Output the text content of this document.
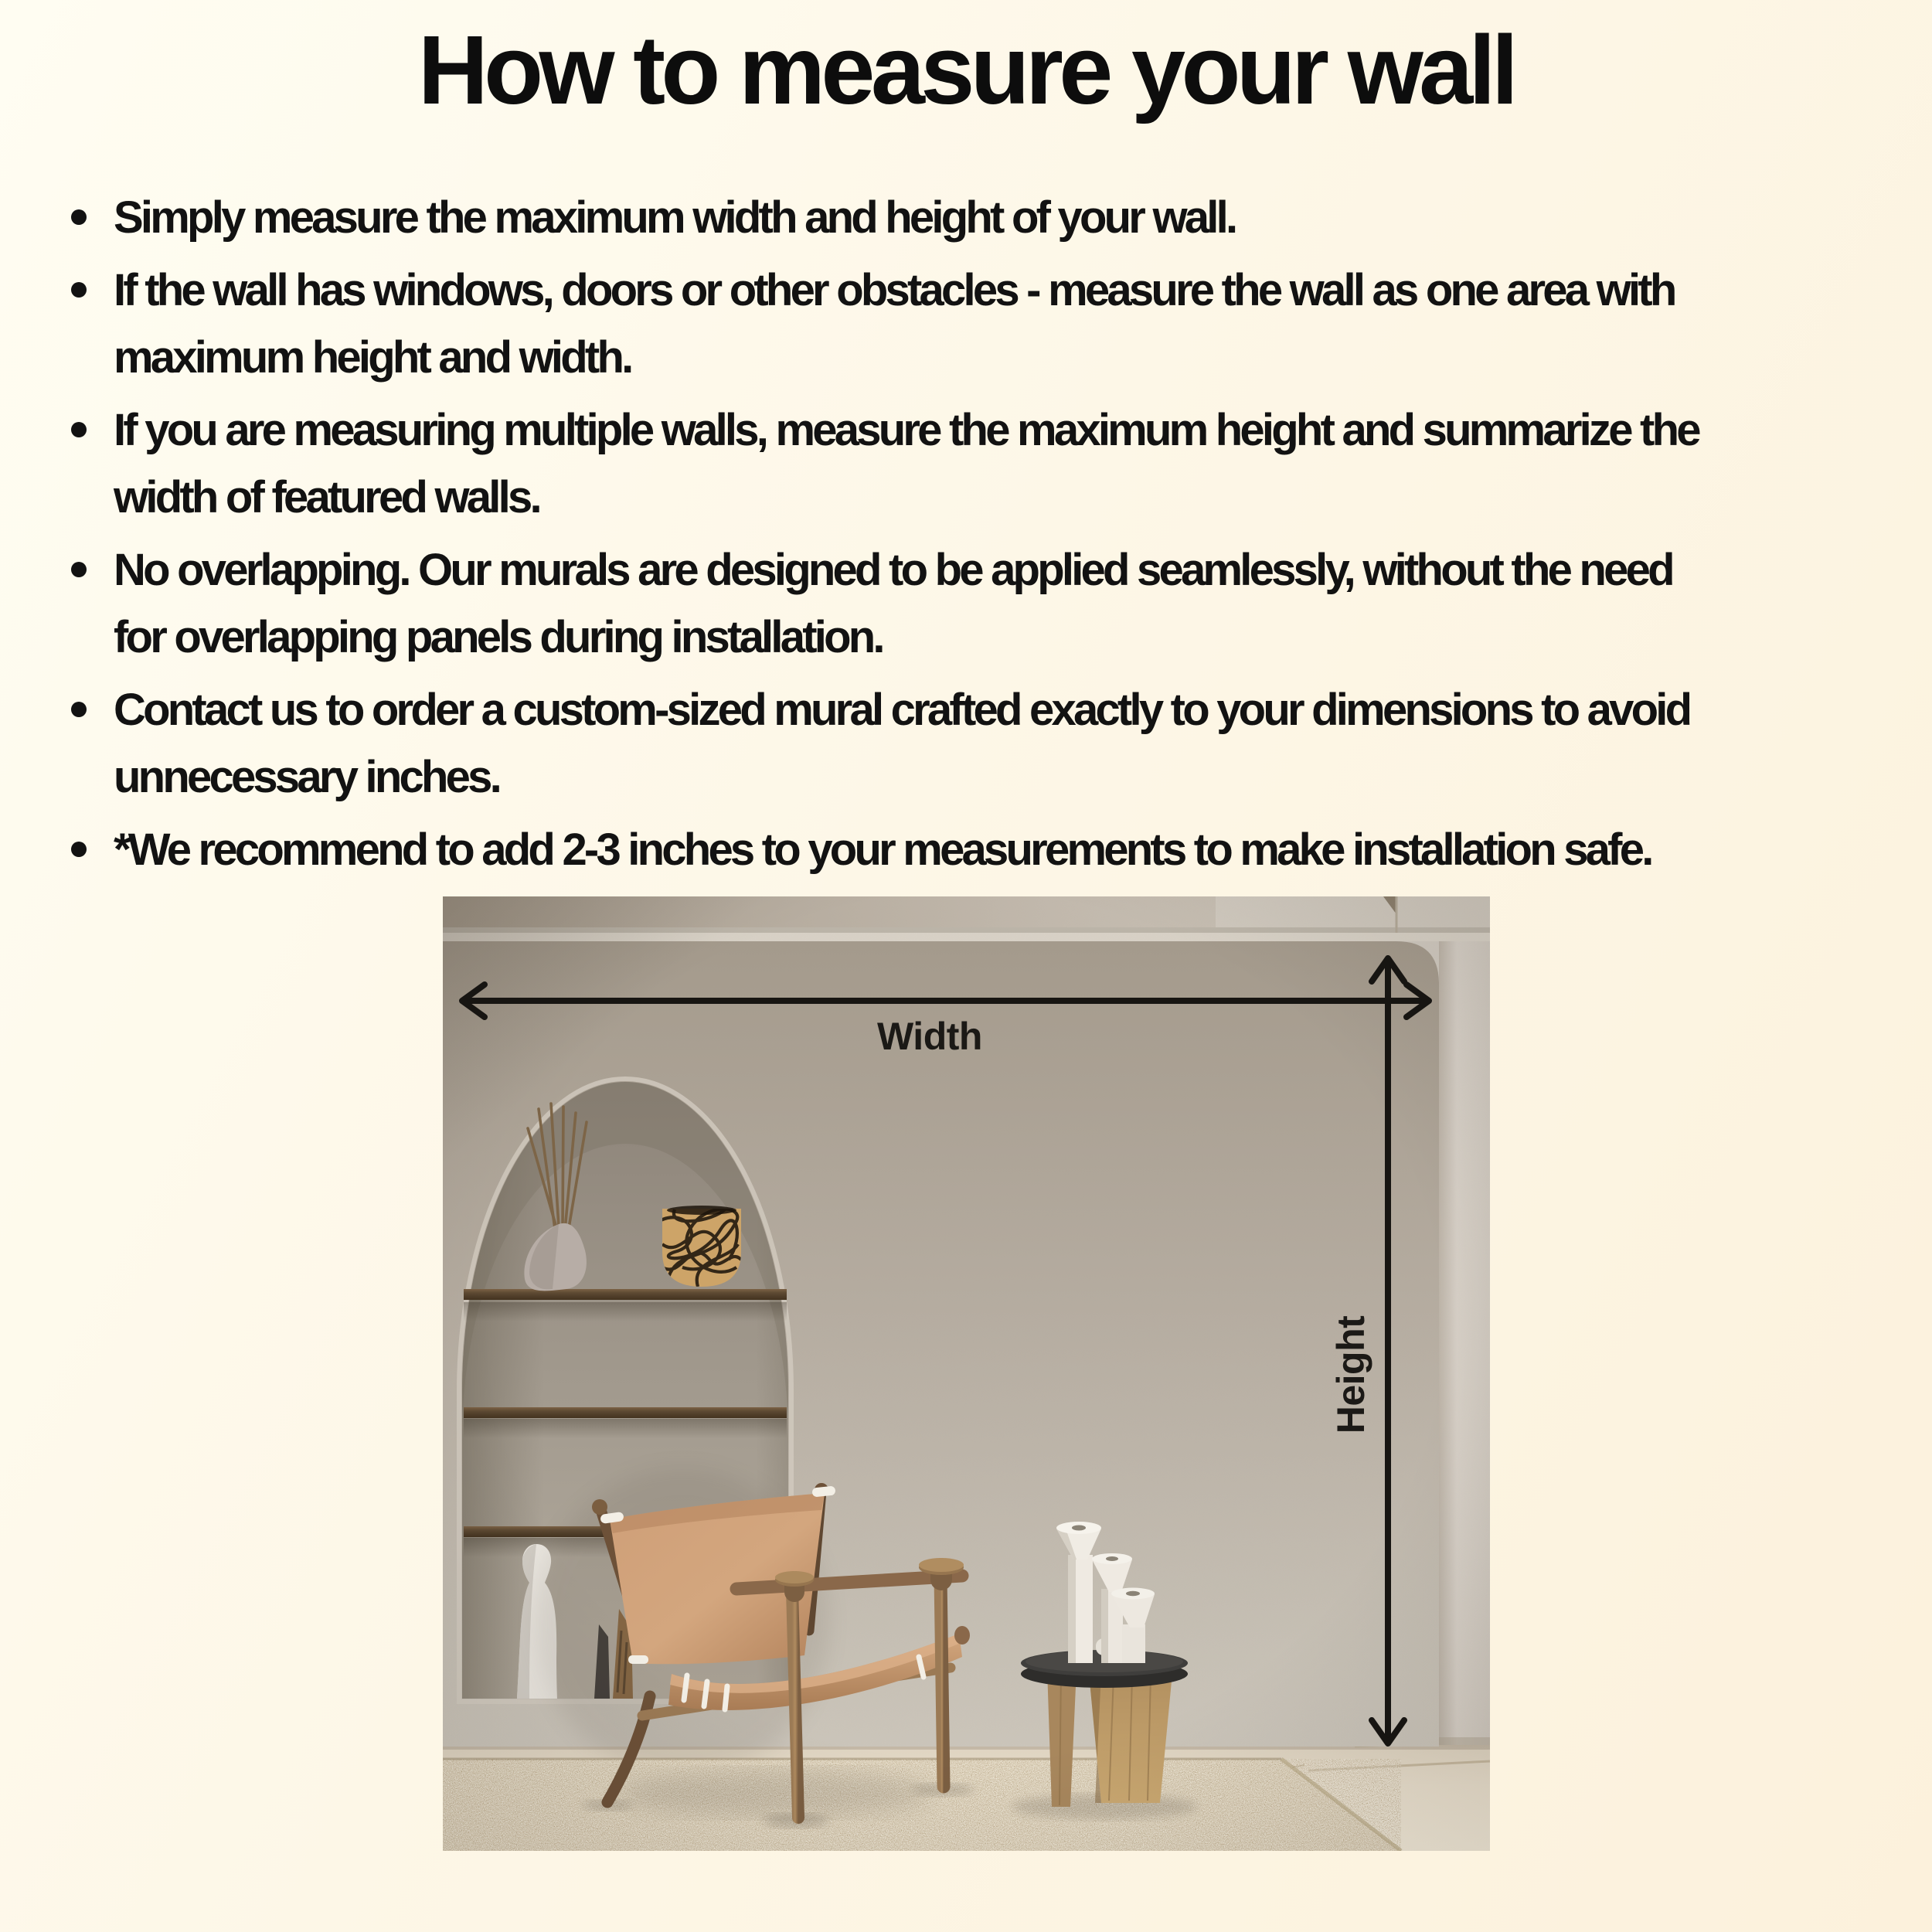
How to measure your wall
Simply measure the maximum width and height of your wall.
If the wall has windows, doors or other obstacles - measure the wall as one area with
maximum height and width.
If you are measuring multiple walls, measure the maximum height and summarize the
width of featured walls.
No overlapping. Our murals are designed to be applied seamlessly, without the need
for overlapping panels during installation.
Contact us to order a custom-sized mural crafted exactly to your dimensions to avoid
unnecessary inches.
*We recommend to add 2-3 inches to your measurements to make installation safe.
Width
Height
